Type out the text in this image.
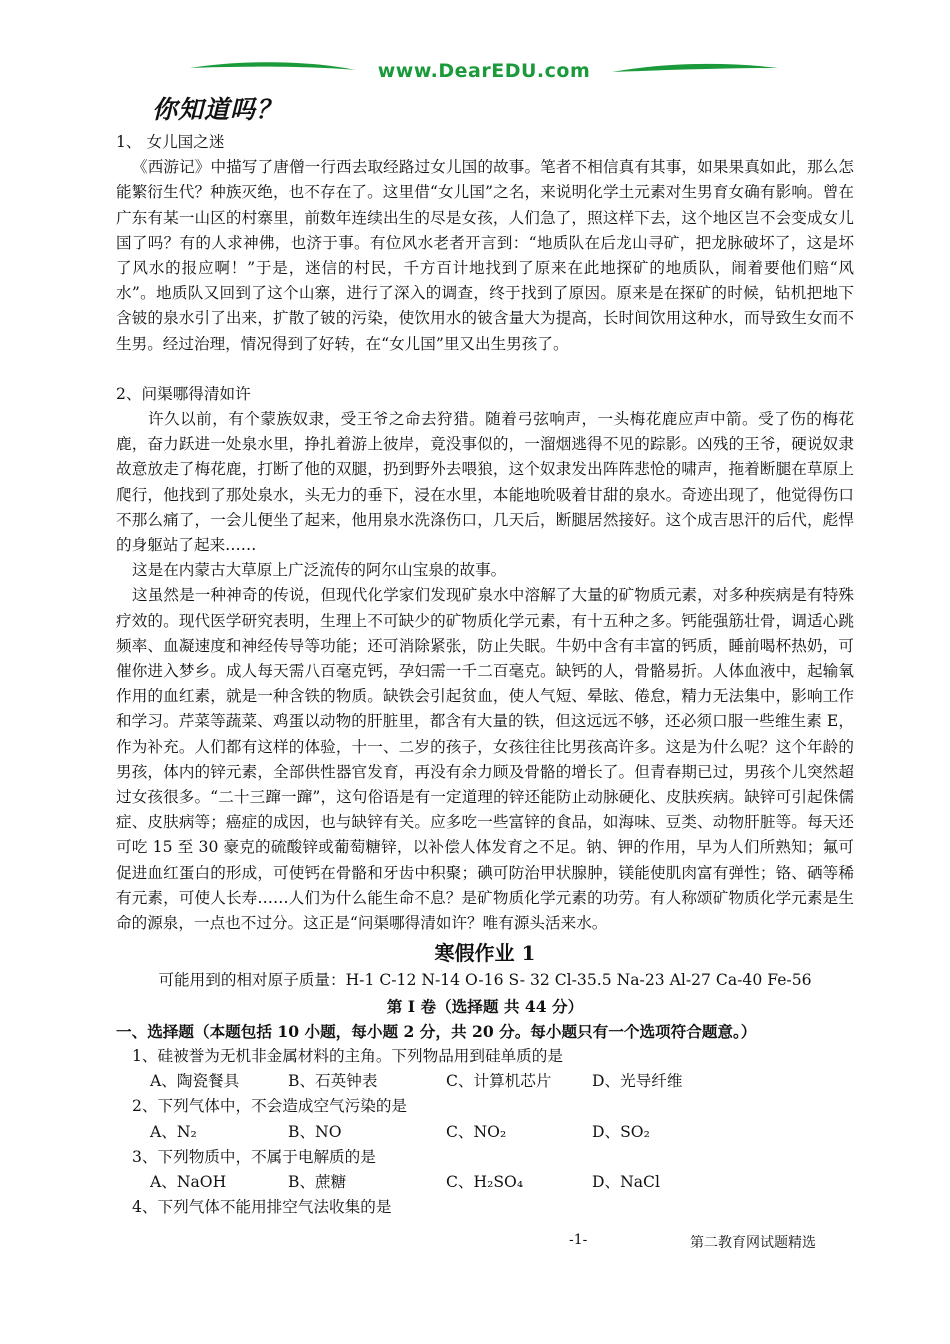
www.DearEDU.com
你知道吗？

1、 女儿国之迷

《西游记》中描写了唐僧一行西去取经路过女儿国的故事。笔者不相信真有其事，如果果真如此，那么怎能繁衍生代？种族灭绝，也不存在了。这里借“女儿国”之名，来说明化学土元素对生男育女确有影响。曾在广东有某一山区的村寨里，前数年连续出生的尽是女孩，人们急了，照这样下去，这个地区岂不会变成女儿国了吗？有的人求神佛，也济于事。有位风水老者开言到：“地质队在后龙山寻矿，把龙脉破坏了，这是坏了风水的报应啊！”于是，迷信的村民，千方百计地找到了原来在此地探矿的地质队，闹着要他们赔“风水”。地质队又回到了这个山寨，进行了深入的调查，终于找到了原因。原来是在探矿的时候，钻机把地下含铍的泉水引了出来，扩散了铍的污染，使饮用水的铍含量大为提高，长时间饮用这种水，而导致生女而不生男。经过治理，情况得到了好转，在“女儿国”里又出生男孩了。

2、问渠哪得清如许

许久以前，有个蒙族奴隶，受王爷之命去狩猎。随着弓弦响声，一头梅花鹿应声中箭。受了伤的梅花鹿，奋力跃进一处泉水里，挣扎着游上彼岸，竟没事似的，一溜烟逃得不见的踪影。凶残的王爷，硬说奴隶故意放走了梅花鹿，打断了他的双腿，扔到野外去喂狼，这个奴隶发出阵阵悲怆的啸声，拖着断腿在草原上爬行，他找到了那处泉水，头无力的垂下，浸在水里，本能地吮吸着甘甜的泉水。奇迹出现了，他觉得伤口不那么痛了，一会儿便坐了起来，他用泉水洗涤伤口，几天后，断腿居然接好。这个成吉思汗的后代，彪悍的身躯站了起来……

这是在内蒙古大草原上广泛流传的阿尔山宝泉的故事。

这虽然是一种神奇的传说，但现代化学家们发现矿泉水中溶解了大量的矿物质元素，对多种疾病是有特殊疗效的。现代医学研究表明，生理上不可缺少的矿物质化学元素，有十五种之多。钙能强筋壮骨，调适心跳频率、血凝速度和神经传导等功能；还可消除紧张，防止失眠。牛奶中含有丰富的钙质，睡前喝杯热奶，可催你进入梦乡。成人每天需八百毫克钙，孕妇需一千二百毫克。缺钙的人，骨骼易折。人体血液中，起输氧作用的血红素，就是一种含铁的物质。缺铁会引起贫血，使人气短、晕眩、倦怠，精力无法集中，影响工作和学习。芹菜等蔬菜、鸡蛋以动物的肝脏里，都含有大量的铁，但这远远不够，还必须口服一些维生素 E，作为补充。人们都有这样的体验，十一、二岁的孩子，女孩往往比男孩高许多。这是为什么呢？这个年龄的男孩，体内的锌元素，全部供性器官发育，再没有余力顾及骨骼的增长了。但青春期已过，男孩个儿突然超过女孩很多。“二十三蹿一蹿”，这句俗语是有一定道理的锌还能防止动脉硬化、皮肤疾病。缺锌可引起侏儒症、皮肤病等；癌症的成因，也与缺锌有关。应多吃一些富锌的食品，如海味、豆类、动物肝脏等。每天还可吃 15 至 30 豪克的硫酸锌或葡萄糖锌，以补偿人体发育之不足。钠、钾的作用，早为人们所熟知；氟可促进血红蛋白的形成，可使钙在骨骼和牙齿中积聚；碘可防治甲状腺肿，镁能使肌肉富有弹性；铬、硒等稀有元素，可使人长寿……人们为什么能生命不息？是矿物质化学元素的功劳。有人称颂矿物质化学元素是生命的源泉，一点也不过分。这正是“问渠哪得清如许？唯有源头活来水。

寒假作业 1

可能用到的相对原子质量：H-1 C-12 N-14 O-16 S- 32 Cl-35.5 Na-23 Al-27 Ca-40 Fe-56

第 I 卷（选择题 共 44 分）

一、选择题（本题包括 10 小题，每小题 2 分，共 20 分。每小题只有一个选项符合题意。）

1、硅被誉为无机非金属材料的主角。下列物品用到硅单质的是

A、陶瓷餐具	B、石英钟表	C、计算机芯片	D、光导纤维

2、下列气体中，不会造成空气污染的是

A、N₂	B、NO	C、NO₂	D、SO₂

3、下列物质中，不属于电解质的是

A、NaOH	B、蔗糖	C、H₂SO₄	D、NaCl

4、下列气体不能用排空气法收集的是

-1-	第二教育网试题精选
